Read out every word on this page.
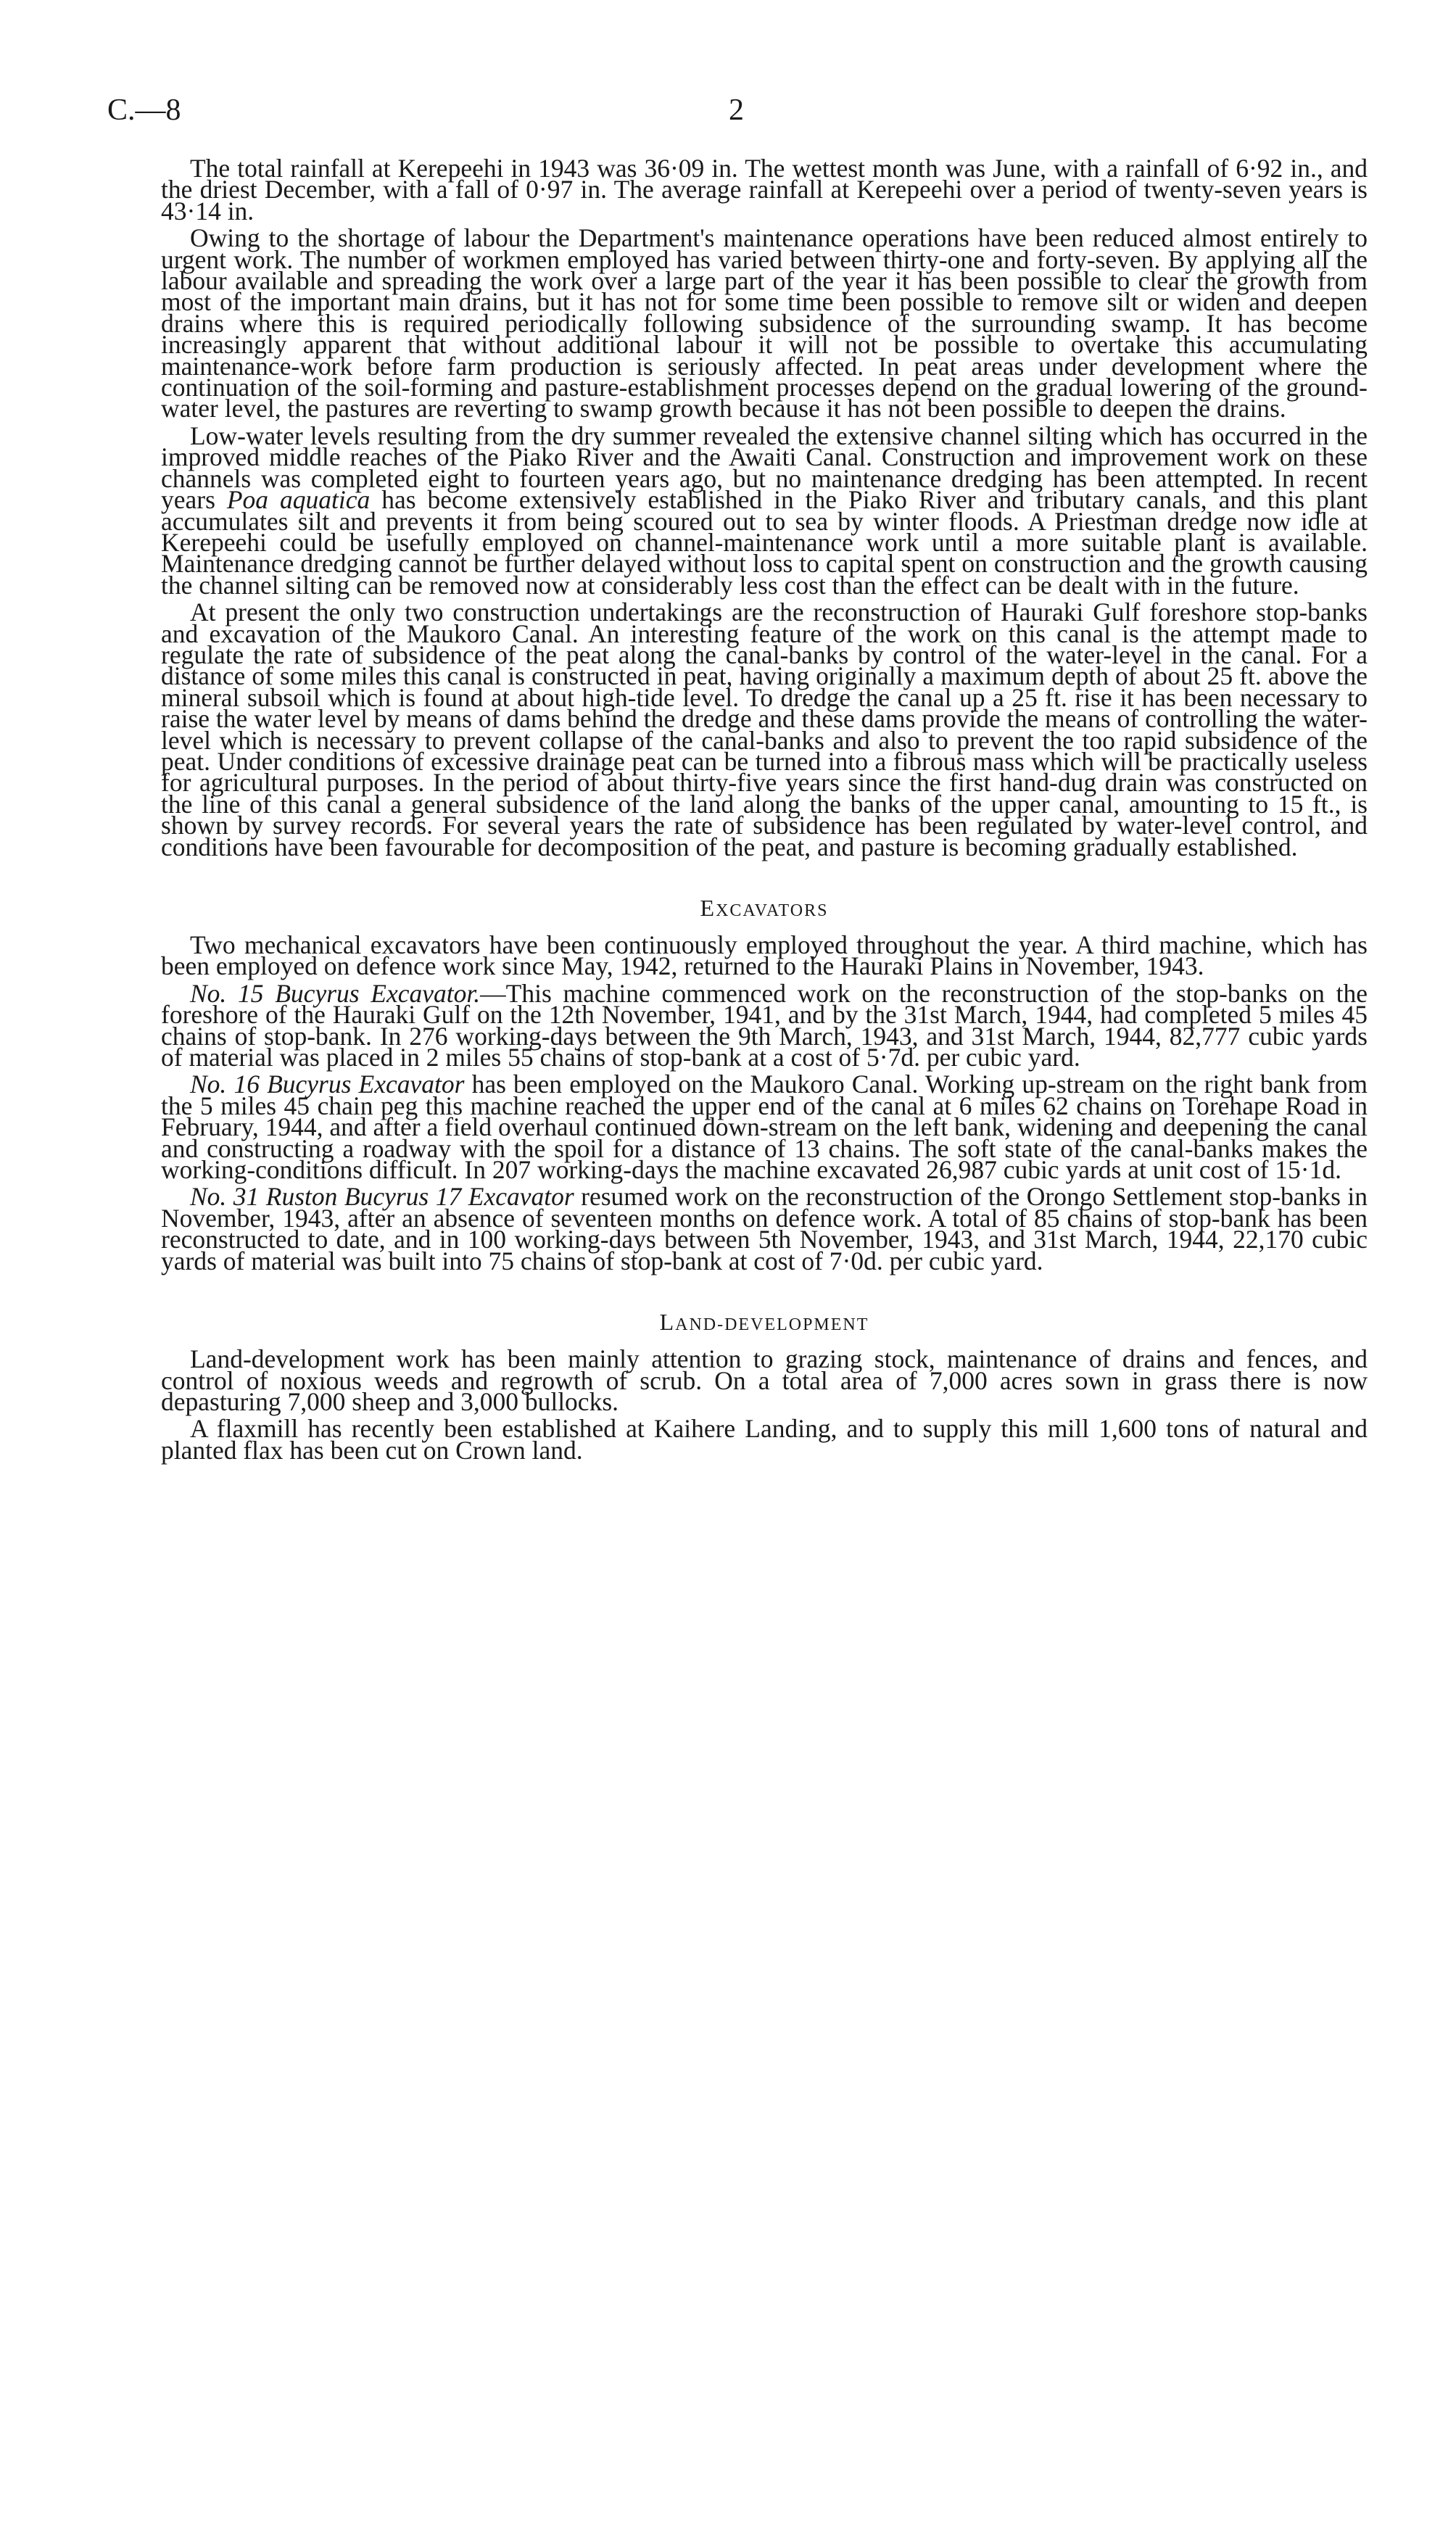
C.—8	2

The total rainfall at Kerepeehi in 1943 was 36·09 in. The wettest month was June, with a rainfall of 6·92 in., and the driest December, with a fall of 0·97 in. The average rainfall at Kerepeehi over a period of twenty-seven years is 43·14 in.

Owing to the shortage of labour the Department's maintenance operations have been reduced almost entirely to urgent work. The number of workmen employed has varied between thirty-one and forty-seven. By applying all the labour available and spreading the work over a large part of the year it has been possible to clear the growth from most of the important main drains, but it has not for some time been possible to remove silt or widen and deepen drains where this is required periodically following subsidence of the surrounding swamp. It has become increasingly apparent that without additional labour it will not be possible to overtake this accumulating maintenance-work before farm production is seriously affected. In peat areas under development where the continuation of the soil-forming and pasture-establishment processes depend on the gradual lowering of the ground-water level, the pastures are reverting to swamp growth because it has not been possible to deepen the drains.

Low-water levels resulting from the dry summer revealed the extensive channel silting which has occurred in the improved middle reaches of the Piako River and the Awaiti Canal. Construction and improvement work on these channels was completed eight to fourteen years ago, but no maintenance dredging has been attempted. In recent years Poa aquatica has become extensively established in the Piako River and tributary canals, and this plant accumulates silt and prevents it from being scoured out to sea by winter floods. A Priestman dredge now idle at Kerepeehi could be usefully employed on channel-maintenance work until a more suitable plant is available. Maintenance dredging cannot be further delayed without loss to capital spent on construction and the growth causing the channel silting can be removed now at considerably less cost than the effect can be dealt with in the future.

At present the only two construction undertakings are the reconstruction of Hauraki Gulf foreshore stop-banks and excavation of the Maukoro Canal. An interesting feature of the work on this canal is the attempt made to regulate the rate of subsidence of the peat along the canal-banks by control of the water-level in the canal. For a distance of some miles this canal is constructed in peat, having originally a maximum depth of about 25 ft. above the mineral subsoil which is found at about high-tide level. To dredge the canal up a 25 ft. rise it has been necessary to raise the water level by means of dams behind the dredge and these dams provide the means of controlling the water-level which is necessary to prevent collapse of the canal-banks and also to prevent the too rapid subsidence of the peat. Under conditions of excessive drainage peat can be turned into a fibrous mass which will be practically useless for agricultural purposes. In the period of about thirty-five years since the first hand-dug drain was constructed on the line of this canal a general subsidence of the land along the banks of the upper canal, amounting to 15 ft., is shown by survey records. For several years the rate of subsidence has been regulated by water-level control, and conditions have been favourable for decomposition of the peat, and pasture is becoming gradually established.

EXCAVATORS

Two mechanical excavators have been continuously employed throughout the year. A third machine, which has been employed on defence work since May, 1942, returned to the Hauraki Plains in November, 1943.

No. 15 Bucyrus Excavator.—This machine commenced work on the reconstruction of the stop-banks on the foreshore of the Hauraki Gulf on the 12th November, 1941, and by the 31st March, 1944, had completed 5 miles 45 chains of stop-bank. In 276 working-days between the 9th March, 1943, and 31st March, 1944, 82,777 cubic yards of material was placed in 2 miles 55 chains of stop-bank at a cost of 5·7d. per cubic yard.

No. 16 Bucyrus Excavator has been employed on the Maukoro Canal. Working up-stream on the right bank from the 5 miles 45 chain peg this machine reached the upper end of the canal at 6 miles 62 chains on Torehape Road in February, 1944, and after a field overhaul continued down-stream on the left bank, widening and deepening the canal and constructing a roadway with the spoil for a distance of 13 chains. The soft state of the canal-banks makes the working-conditions difficult. In 207 working-days the machine excavated 26,987 cubic yards at unit cost of 15·1d.

No. 31 Ruston Bucyrus 17 Excavator resumed work on the reconstruction of the Orongo Settlement stop-banks in November, 1943, after an absence of seventeen months on defence work. A total of 85 chains of stop-bank has been reconstructed to date, and in 100 working-days between 5th November, 1943, and 31st March, 1944, 22,170 cubic yards of material was built into 75 chains of stop-bank at cost of 7·0d. per cubic yard.

LAND-DEVELOPMENT

Land-development work has been mainly attention to grazing stock, maintenance of drains and fences, and control of noxious weeds and regrowth of scrub. On a total area of 7,000 acres sown in grass there is now depasturing 7,000 sheep and 3,000 bullocks.

A flaxmill has recently been established at Kaihere Landing, and to supply this mill 1,600 tons of natural and planted flax has been cut on Crown land.
